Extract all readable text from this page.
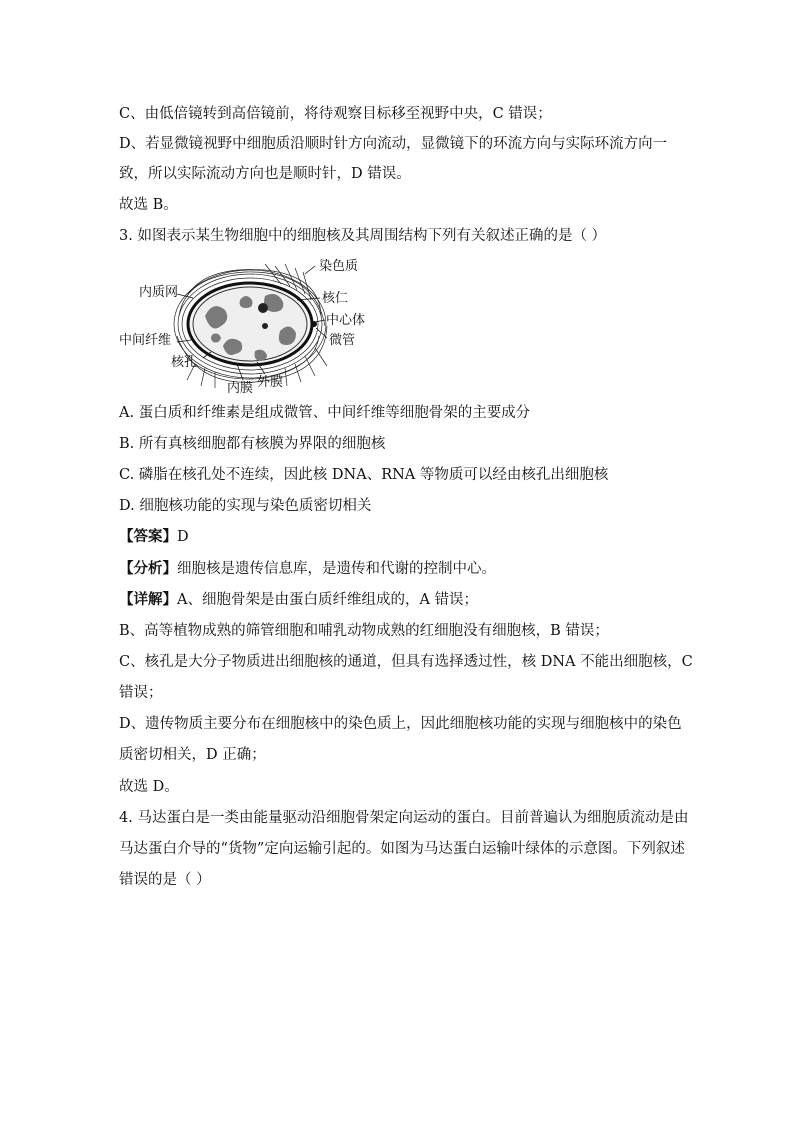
C、由低倍镜转到高倍镜前，将待观察目标移至视野中央，C 错误；
D、若显微镜视野中细胞质沿顺时针方向流动，显微镜下的环流方向与实际环流方向一
致，所以实际流动方向也是顺时针，D 错误。
故选 B。
3. 如图表示某生物细胞中的细胞核及其周围结构下列有关叙述正确的是（ ）
染色质
内质网	核仁
中心体
中间纤维	微管
核孔
内膜 外膜
A. 蛋白质和纤维素是组成微管、中间纤维等细胞骨架的主要成分
B. 所有真核细胞都有核膜为界限的细胞核
C. 磷脂在核孔处不连续，因此核 DNA、RNA 等物质可以经由核孔出细胞核
D. 细胞核功能的实现与染色质密切相关
【答案】D
【分析】细胞核是遗传信息库，是遗传和代谢的控制中心。
【详解】A、细胞骨架是由蛋白质纤维组成的，A 错误；
B、高等植物成熟的筛管细胞和哺乳动物成熟的红细胞没有细胞核，B 错误；
C、核孔是大分子物质进出细胞核的通道，但具有选择透过性，核 DNA 不能出细胞核，C
错误；
D、遗传物质主要分布在细胞核中的染色质上，因此细胞核功能的实现与细胞核中的染色
质密切相关，D 正确；
故选 D。
4. 马达蛋白是一类由能量驱动沿细胞骨架定向运动的蛋白。目前普遍认为细胞质流动是由
马达蛋白介导的“货物”定向运输引起的。如图为马达蛋白运输叶绿体的示意图。下列叙述
错误的是（ ）
